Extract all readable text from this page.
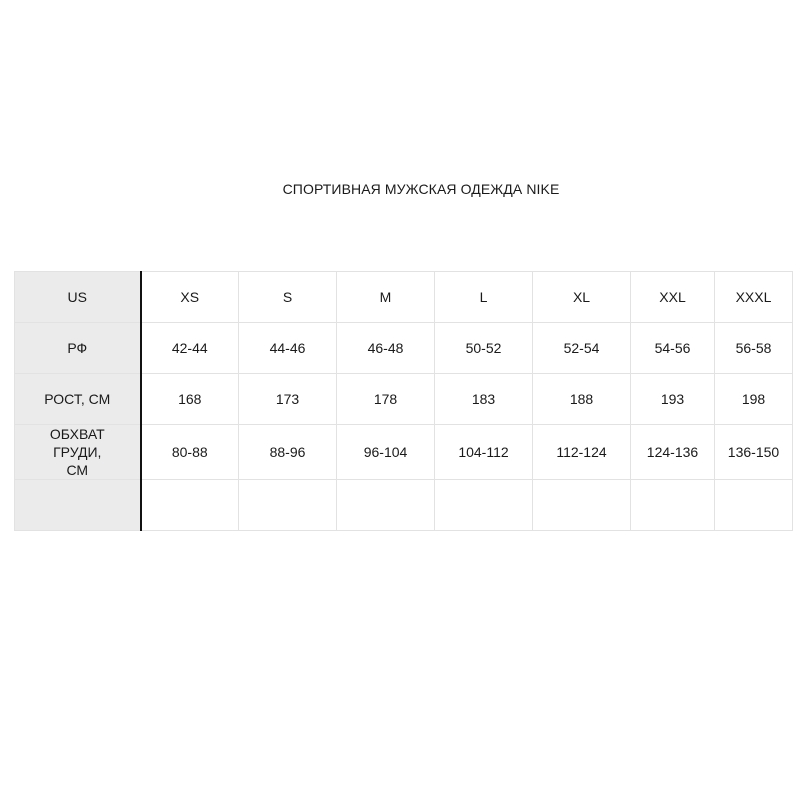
СПОРТИВНАЯ МУЖСКАЯ ОДЕЖДА NIKE
US	XS	S	M	L	XL	XXL	XXXL
РФ	42-44	44-46	46-48	50-52	52-54	54-56	56-58
РОСТ, СМ	168	173	178	183	188	193	198
ОБХВАТ ГРУДИ, СМ	80-88	88-96	96-104	104-112	112-124	124-136	136-150
